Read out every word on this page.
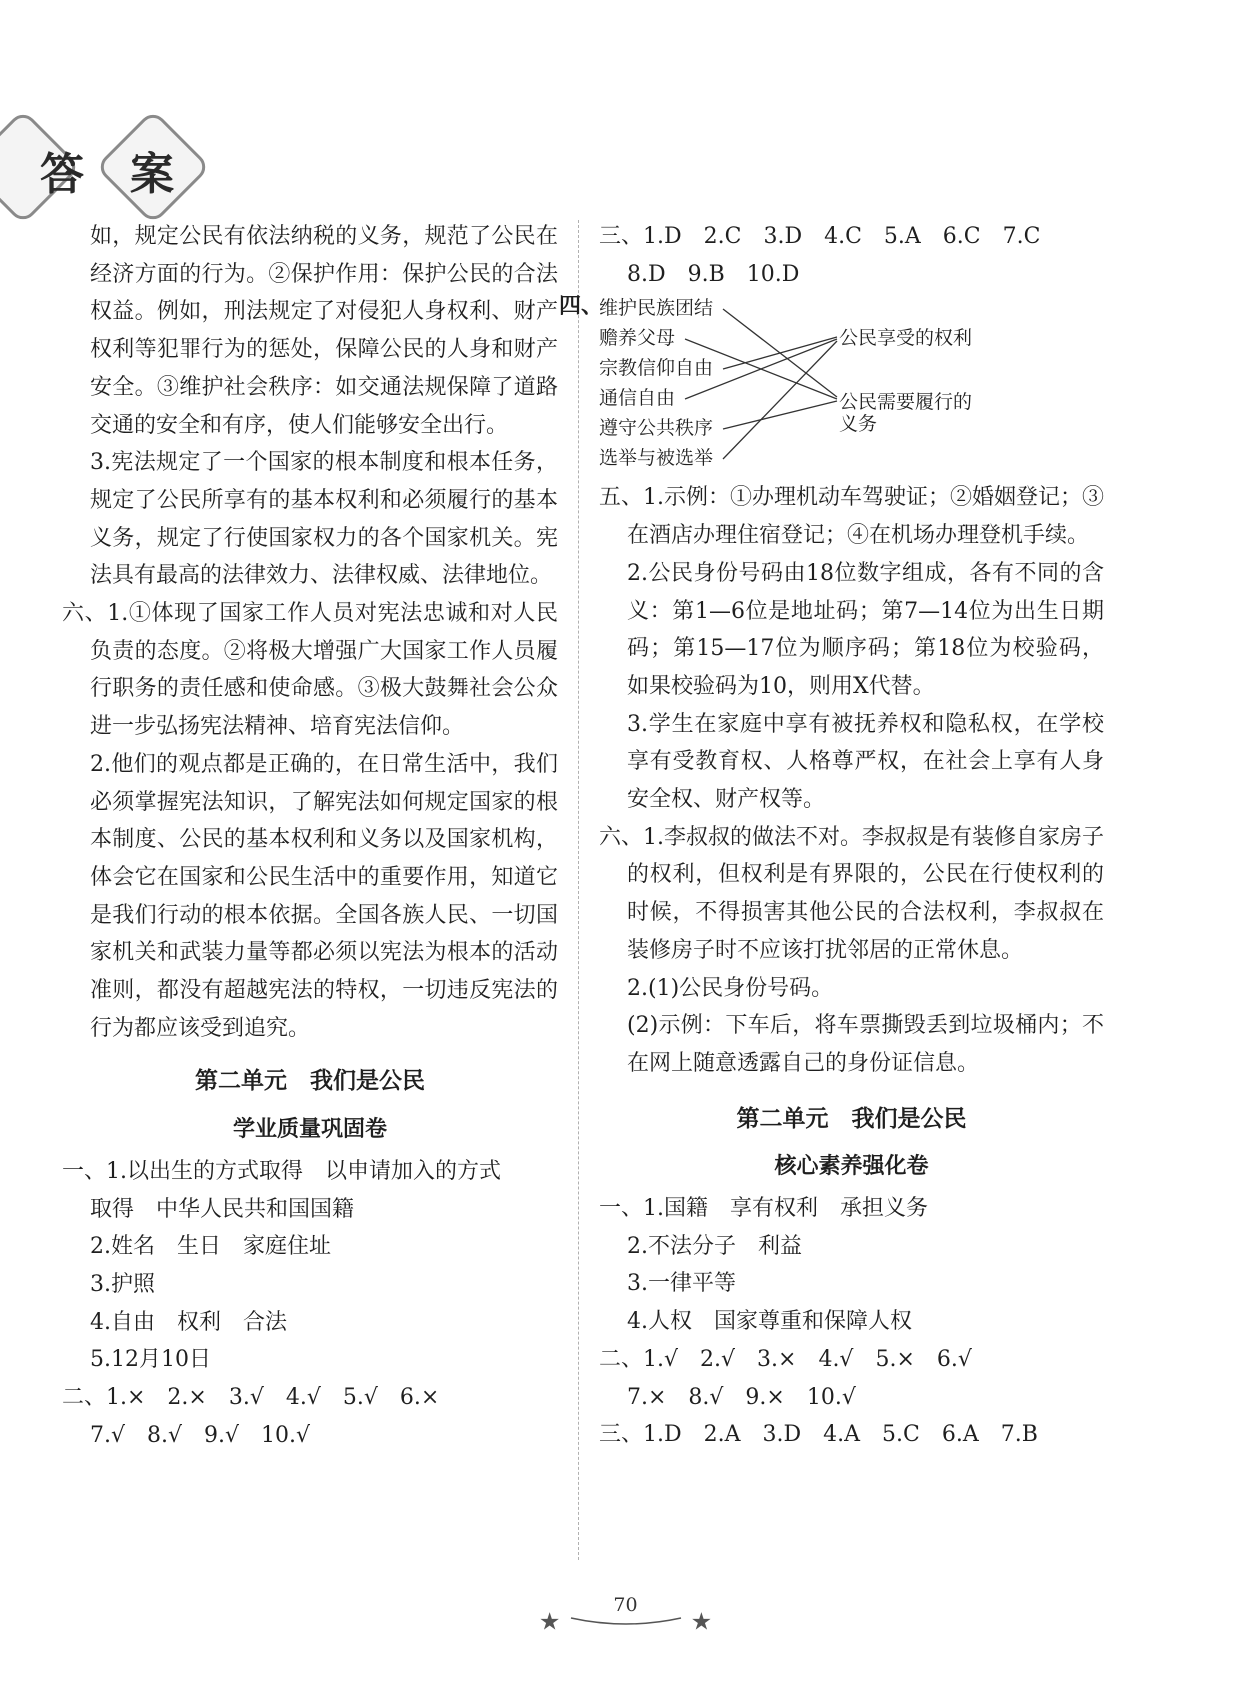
答	案

如，规定公民有依法纳税的义务，规范了公民在经济方面的行为。②保护作用：保护公民的合法权益。例如，刑法规定了对侵犯人身权利、财产权利等犯罪行为的惩处，保障公民的人身和财产安全。③维护社会秩序：如交通法规保障了道路交通的安全和有序，使人们能够安全出行。

3.宪法规定了一个国家的根本制度和根本任务，规定了公民所享有的基本权利和必须履行的基本义务，规定了行使国家权力的各个国家机关。宪法具有最高的法律效力、法律权威、法律地位。

六、1.①体现了国家工作人员对宪法忠诚和对人民负责的态度。②将极大增强广大国家工作人员履行职务的责任感和使命感。③极大鼓舞社会公众进一步弘扬宪法精神、培育宪法信仰。

2.他们的观点都是正确的，在日常生活中，我们必须掌握宪法知识，了解宪法如何规定国家的根本制度、公民的基本权利和义务以及国家机构，体会它在国家和公民生活中的重要作用，知道它是我们行动的根本依据。全国各族人民、一切国家机关和武装力量等都必须以宪法为根本的活动准则，都没有超越宪法的特权，一切违反宪法的行为都应该受到追究。

第二单元　我们是公民
学业质量巩固卷
一、1.以出生的方式取得　以申请加入的方式
取得　中华人民共和国国籍
2.姓名　生日　家庭住址
3.护照
4.自由　权利　合法
5.12月10日
二、1.×　2.×　3.√　4.√　5.√　6.×
7.√　8.√　9.√　10.√
三、1.D　2.C　3.D　4.C　5.A　6.C　7.C
8.D　9.B　10.D
四、
维护民族团结
赡养父母
宗教信仰自由
通信自由
遵守公共秩序
选举与被选举
公民享受的权利
公民需要履行的
义务

五、1.示例：①办理机动车驾驶证；②婚姻登记；③在酒店办理住宿登记；④在机场办理登机手续。

2.公民身份号码由18位数字组成，各有不同的含义：第1—6位是地址码；第7—14位为出生日期码；第15—17位为顺序码；第18位为校验码，如果校验码为10，则用X代替。

3.学生在家庭中享有被抚养权和隐私权，在学校享有受教育权、人格尊严权，在社会上享有人身安全权、财产权等。

六、1.李叔叔的做法不对。李叔叔是有装修自家房子的权利，但权利是有界限的，公民在行使权利的时候，不得损害其他公民的合法权利，李叔叔在装修房子时不应该打扰邻居的正常休息。

2.(1)公民身份号码。

(2)示例：下车后，将车票撕毁丢到垃圾桶内；不在网上随意透露自己的身份证信息。

第二单元　我们是公民
核心素养强化卷
一、1.国籍　享有权利　承担义务
2.不法分子　利益
3.一律平等
4.人权　国家尊重和保障人权
二、1.√　2.√　3.×　4.√　5.×　6.√
7.×　8.√　9.×　10.√
三、1.D　2.A　3.D　4.A　5.C　6.A　7.B
★
70
★
